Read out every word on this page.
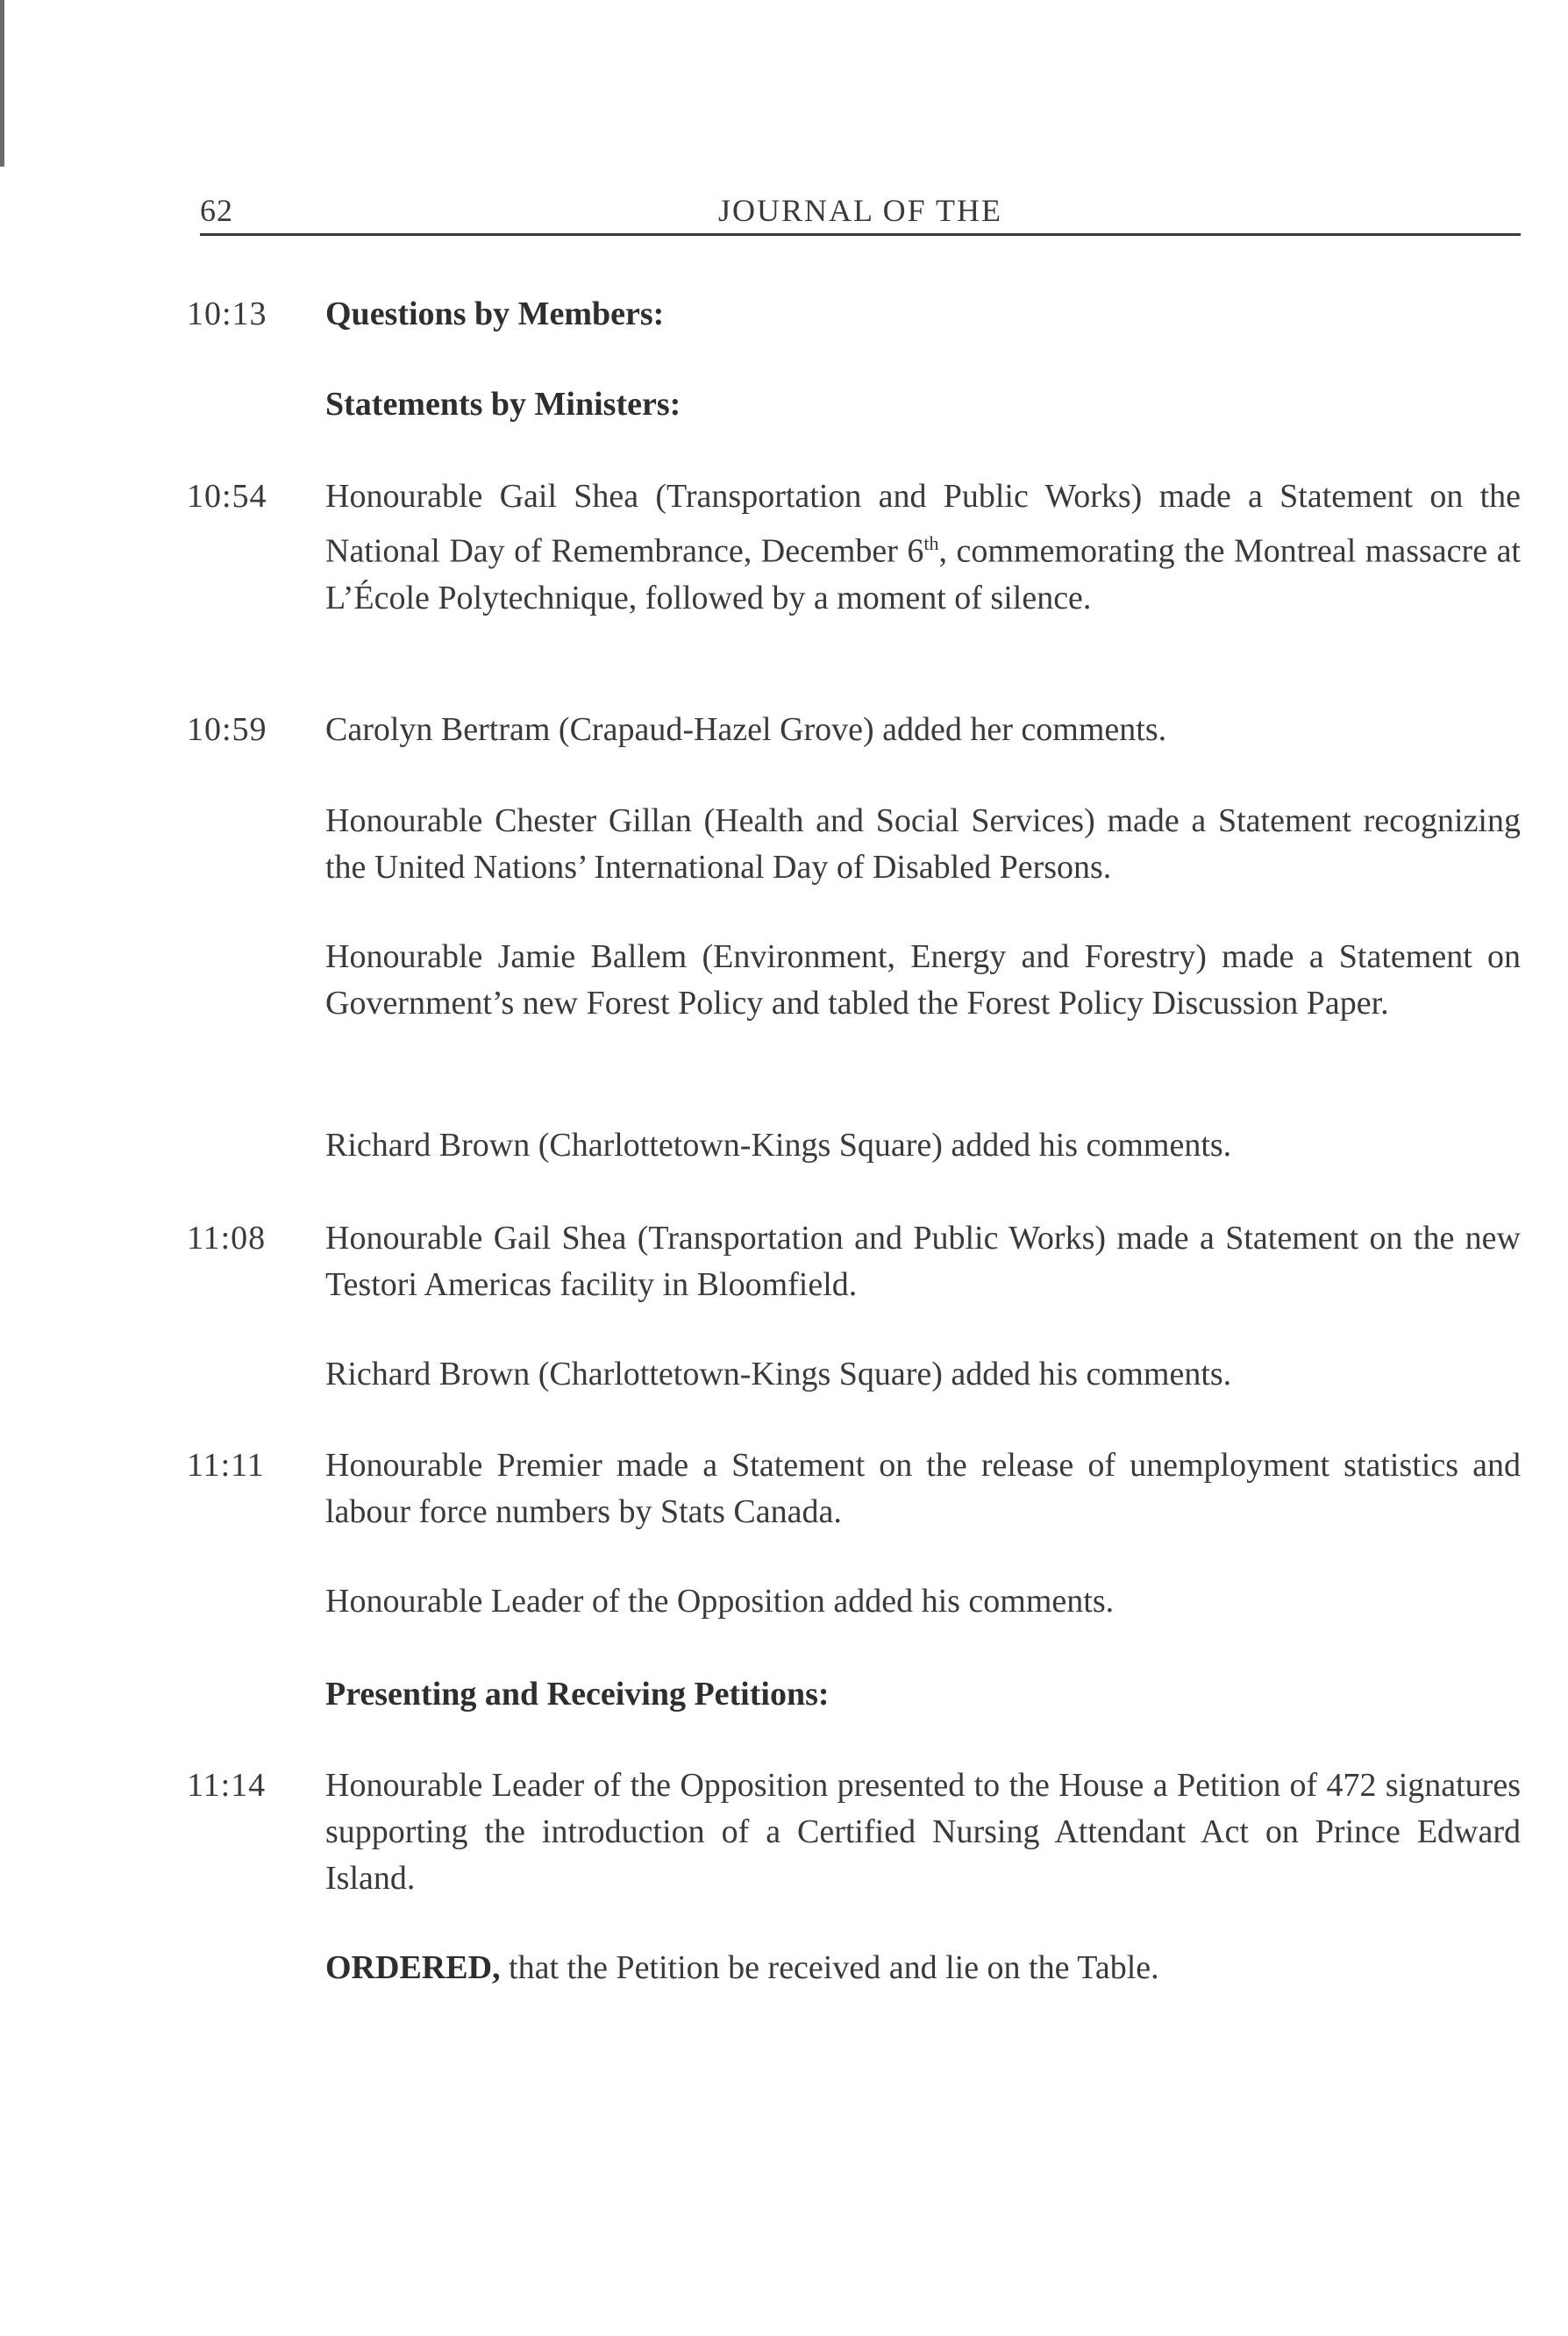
62	JOURNAL OF THE
10:13	Questions by Members:
Statements by Ministers:
10:54	Honourable Gail Shea (Transportation and Public Works) made a Statement on the National Day of Remembrance, December 6th, commemorating the Montreal massacre at L’École Polytechnique, followed by a moment of silence.
10:59	Carolyn Bertram (Crapaud-Hazel Grove) added her comments.
Honourable Chester Gillan (Health and Social Services) made a Statement recognizing the United Nations’ International Day of Disabled Persons.
Honourable Jamie Ballem (Environment, Energy and Forestry) made a Statement on Government’s new Forest Policy and tabled the Forest Policy Discussion Paper.
Richard Brown (Charlottetown-Kings Square) added his comments.
11:08	Honourable Gail Shea (Transportation and Public Works) made a Statement on the new Testori Americas facility in Bloomfield.
Richard Brown (Charlottetown-Kings Square) added his comments.
11:11	Honourable Premier made a Statement on the release of unemployment statistics and labour force numbers by Stats Canada.
Honourable Leader of the Opposition added his comments.
Presenting and Receiving Petitions:
11:14	Honourable Leader of the Opposition presented to the House a Petition of 472 signatures supporting the introduction of a Certified Nursing Attendant Act on Prince Edward Island.
ORDERED, that the Petition be received and lie on the Table.
